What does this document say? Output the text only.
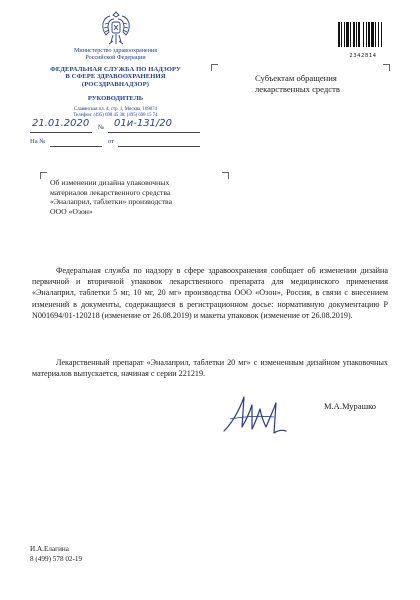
Министерство здравоохранения
Российской Федерации
ФЕДЕРАЛЬНАЯ СЛУЖБА ПО НАДЗОРУ
В СФЕРЕ ЗДРАВООХРАНЕНИЯ
(РОСЗДРАВНАДЗОР)
РУКОВОДИТЕЛЬ
Славянская пл. 4, стр. 1, Москва, 109074
Телефон: (495) 698 45 38; (495) 698 15 74
21.01.2020 № 01и-131/20
На №	от
2342814
Субъектам обращения
лекарственных средств
Об изменении дизайна упаковочных
материалов лекарственного средства
«Эналаприл, таблетки» производства
ООО «Озон»
Федеральная служба по надзору в сфере здравоохранения сообщает об изменении дизайна первичной и вторичной упаковок лекарственного препарата для медицинского применения «Эналаприл, таблетки 5 мг, 10 мг, 20 мг» производства ООО «Озон», Россия, в связи с внесением изменений в документы, содержащиеся в регистрационном досье: нормативную документацию Р N001694/01-120218 (изменение от 26.08.2019) и макеты упаковок (изменение от 26.08.2019).
Лекарственный препарат «Эналаприл, таблетки 20 мг» с измененным дизайном упаковочных материалов выпускается, начиная с серии 221219.
М.А.Мурашко
И.А.Елагина
8 (499) 578 02-19
